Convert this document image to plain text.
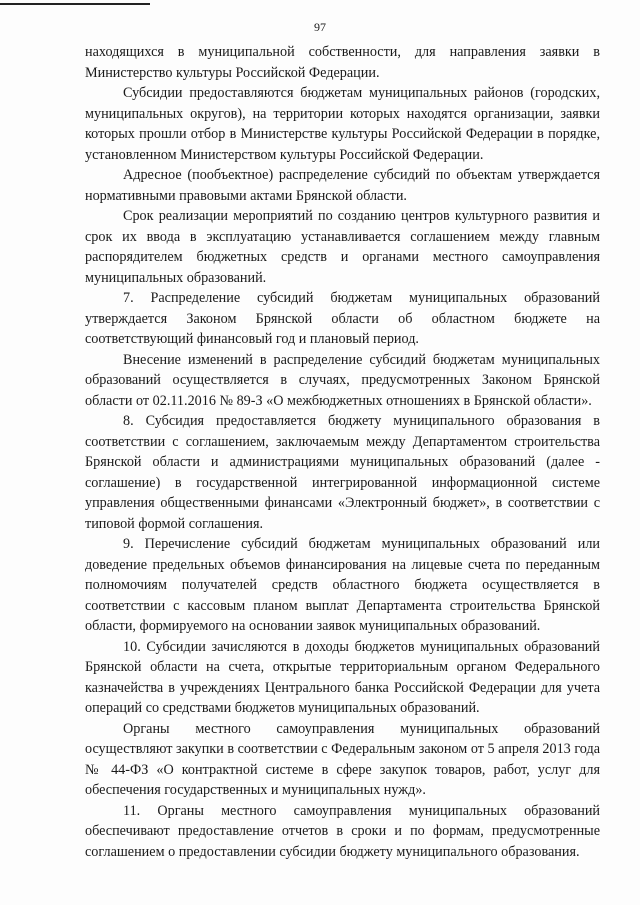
97

находящихся в муниципальной собственности, для направления заявки в Министерство культуры Российской Федерации.

Субсидии предоставляются бюджетам муниципальных районов (городских, муниципальных округов), на территории которых находятся организации, заявки которых прошли отбор в Министерстве культуры Российской Федерации в порядке, установленном Министерством культуры Российской Федерации.

Адресное (пообъектное) распределение субсидий по объектам утверждается нормативными правовыми актами Брянской области.

Срок реализации мероприятий по созданию центров культурного развития и срок их ввода в эксплуатацию устанавливается соглашением между главным распорядителем бюджетных средств и органами местного самоуправления муниципальных образований.

7. Распределение субсидий бюджетам муниципальных образований утверждается Законом Брянской области об областном бюджете на соответствующий финансовый год и плановый период.

Внесение изменений в распределение субсидий бюджетам муниципальных образований осуществляется в случаях, предусмотренных Законом Брянской области от 02.11.2016 № 89-З «О межбюджетных отношениях в Брянской области».

8. Субсидия предоставляется бюджету муниципального образования в соответствии с соглашением, заключаемым между Департаментом строительства Брянской области и администрациями муниципальных образований (далее - соглашение) в государственной интегрированной информационной системе управления общественными финансами «Электронный бюджет», в соответствии с типовой формой соглашения.

9. Перечисление субсидий бюджетам муниципальных образований или доведение предельных объемов финансирования на лицевые счета по переданным полномочиям получателей средств областного бюджета осуществляется в соответствии с кассовым планом выплат Департамента строительства Брянской области, формируемого на основании заявок муниципальных образований.

10. Субсидии зачисляются в доходы бюджетов муниципальных образований Брянской области на счета, открытые территориальным органом Федерального казначейства в учреждениях Центрального банка Российской Федерации для учета операций со средствами бюджетов муниципальных образований.

Органы местного самоуправления муниципальных образований осуществляют закупки в соответствии с Федеральным законом от 5 апреля 2013 года № 44-ФЗ «О контрактной системе в сфере закупок товаров, работ, услуг для обеспечения государственных и муниципальных нужд».

11. Органы местного самоуправления муниципальных образований обеспечивают предоставление отчетов в сроки и по формам, предусмотренные соглашением о предоставлении субсидии бюджету муниципального образования.
